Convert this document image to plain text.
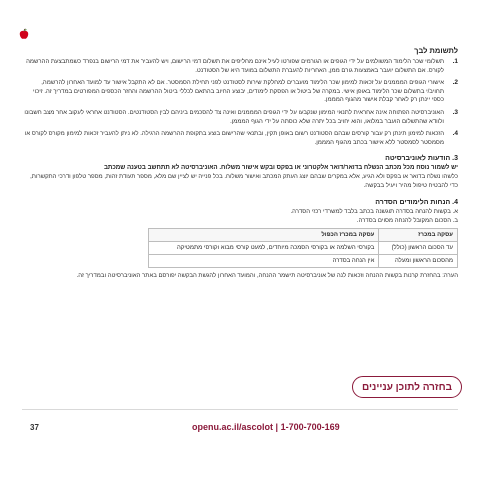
לתשומת לבך
1.
תשלומי שכר הלימוד המשולמים על ידי הגופים או הגורמים שפורטו לעיל אינם מחליפים את תשלום דמי הרישום, ויש להעביר את דמי הרישום בנפרד כשמתבצעת ההרשמה לקורס. אם התשלום יועבר באמצעות גורם ממן, האחריות להעברת התשלום במועד היא של הסטודנט.
2.
אישורי הגופים המממנים על זכאות למימון שכר הלימוד מועברים למחלקת שירות לסטודנט לפני תחילת הסמסטר. אם לא התקבל אישור עד למועד האחרון להרשמה, תחויב/י בתשלום שכר הלימוד באופן אישי. במקרה של ביטול או הפסקת לימודים, יבוצע החיוב בהתאם לכללי ביטול ההרשמה והחזר הכספים המפורטים במדריך זה. זיכוי כספי יינתן רק לאחר קבלת אישור מהגוף המממן.
3.
האוניברסיטה הפתוחה אינה אחראית לתנאי המימון שנקבעו על ידי הגופים המממנים ואינה צד להסכמים ביניהם לבין הסטודנטים. הסטודנט אחראי לעקוב אחר מצב חשבונו ולוודא שהתשלום הועבר במלואו, והוא יחויב בכל יתרה שלא כוסתה על ידי הגוף המממן.
4.
הזכאות למימון תינתן רק עבור קורסים שבהם הסטודנט רשום באופן תקין, ובתנאי שהרישום בוצע בתקופת ההרשמה הרגילה. לא ניתן להעביר זכאות למימון מקורס לקורס או מסמסטר לסמסטר ללא אישור בכתב מהגוף המממן.
3. הודעות לאוניברסיטה
יש לשמור נוסח מכל מכתב הנשלח בדואר/דואר אלקטרוני או בפקס ובקש אישור משלוח. האוניברסיטה לא תתחשב בטענה שמכתב
כלשהו נשלח בדואר או בפקס ולא הגיע, אלא במקרים שבהם יוצג העתק המכתב ואישור משלוח. בכל פנייה יש לציין שם מלא, מספר תעודת זהות, מספר טלפון ודרכי התקשרות, כדי להבטיח טיפול מהיר ויעיל בבקשה.
4. הנחות הלימודים הסדרה
א. בקשות להנחה בסדרה תוגשנה בכתב בלבד למשרדי רכזי הסדרה.
ב. הסכום המקובל להנחה מסוים בסדרה.
עסקה במכרז	עסקה במכרז הכפול
עד הסכום הראשון (כולל)	בקורסי השלמה או בקורסי הסמכה מיוחדים, למעט קורסי מבוא וקורסי מתמטיקה
מהסכום הראשון ומעלה	אין הנחה בסדרה
הערה: בהחזרת קרנות בקשות ההנחה וזכאות לנה של אוניברסיטה תישמר ההנחה, והמועד האחרון להגשת הבקשה יפורסם באתר האוניברסיטה ובמדריך זה.
בחזרה לתוכן עניינים
37	openu.ac.il/ascolot | 1-700-700-169
